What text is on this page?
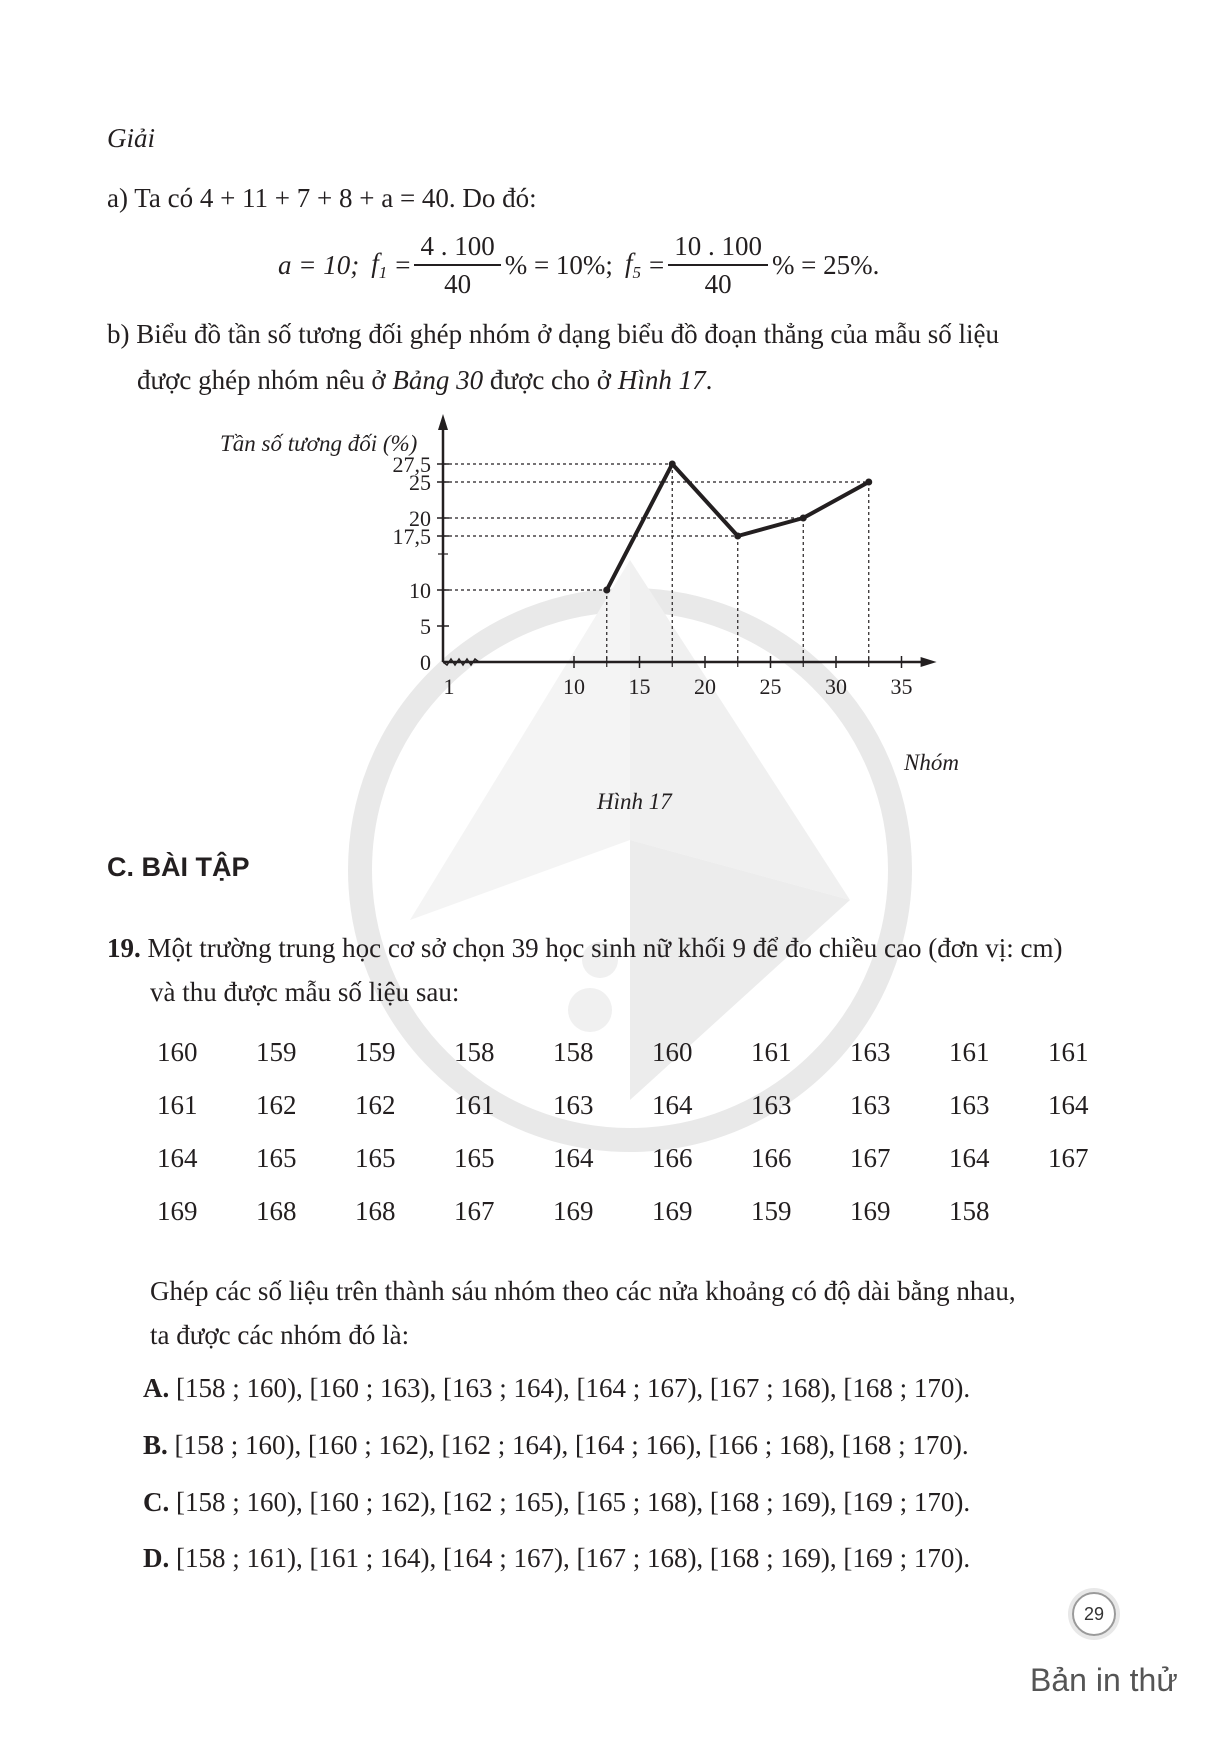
Giải
a) Ta có 4 + 11 + 7 + 8 + a = 40. Do đó:
a = 10; $f_1 = \frac{4 . 100}{40}$ % = 10%; $f_5 = \frac{10 . 100}{40}$ % = 25%.
b) Biểu đồ tần số tương đối ghép nhóm ở dạng biểu đồ đoạn thẳng của mẫu số liệu
được ghép nhóm nêu ở Bảng 30 được cho ở Hình 17.
1	10 15 20 25 30 35
0
5
10
17,5
20
25
27,5
Tần số tương đối (%)
Nhóm
Hình 17
C. BÀI TẬP
19. Một trường trung học cơ sở chọn 39 học sinh nữ khối 9 để đo chiều cao (đơn vị: cm)
và thu được mẫu số liệu sau:
160	159	159	158	158	160	161	163	161	161
161	162	162	161	163	164	163	163	163	164
164	165	165	165	164	166	166	167	164	167
169	168	168	167	169	169	159	169	158
Ghép các số liệu trên thành sáu nhóm theo các nửa khoảng có độ dài bằng nhau,
ta được các nhóm đó là:
A. [158 ; 160), [160 ; 163), [163 ; 164), [164 ; 167), [167 ; 168), [168 ; 170).
B. [158 ; 160), [160 ; 162), [162 ; 164), [164 ; 166), [166 ; 168), [168 ; 170).
C. [158 ; 160), [160 ; 162), [162 ; 165), [165 ; 168), [168 ; 169), [169 ; 170).
D. [158 ; 161), [161 ; 164), [164 ; 167), [167 ; 168), [168 ; 169), [169 ; 170).
29
Bản in thử
